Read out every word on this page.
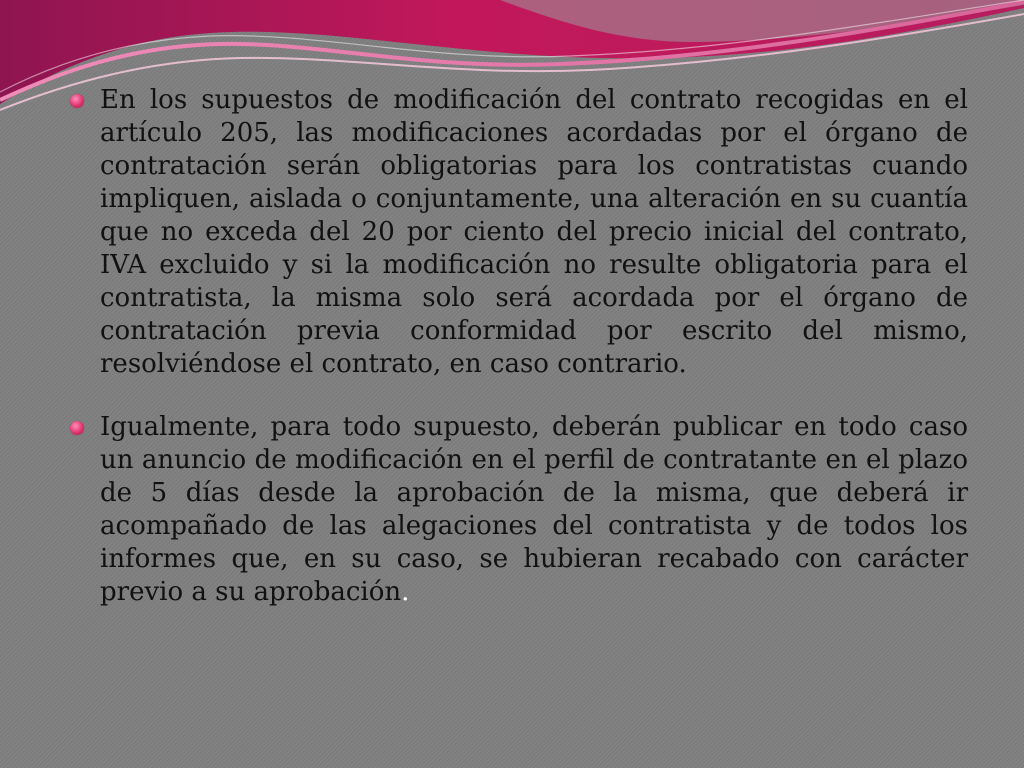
En los supuestos de modificación del contrato recogidas en el artículo 205, las modificaciones acordadas por el órgano de contratación serán obligatorias para los contratistas cuando impliquen, aislada o conjuntamente, una alteración en su cuantía que no exceda del 20 por ciento del precio inicial del contrato, IVA excluido y si la modificación no resulte obligatoria para el contratista, la misma solo será acordada por el órgano de contratación previa conformidad por escrito del mismo, resolviéndose el contrato, en caso contrario.

Igualmente, para todo supuesto, deberán publicar en todo caso un anuncio de modificación en el perfil de contratante en el plazo de 5 días desde la aprobación de la misma, que deberá ir acompañado de las alegaciones del contratista y de todos los informes que, en su caso, se hubieran recabado con carácter previo a su aprobación.
